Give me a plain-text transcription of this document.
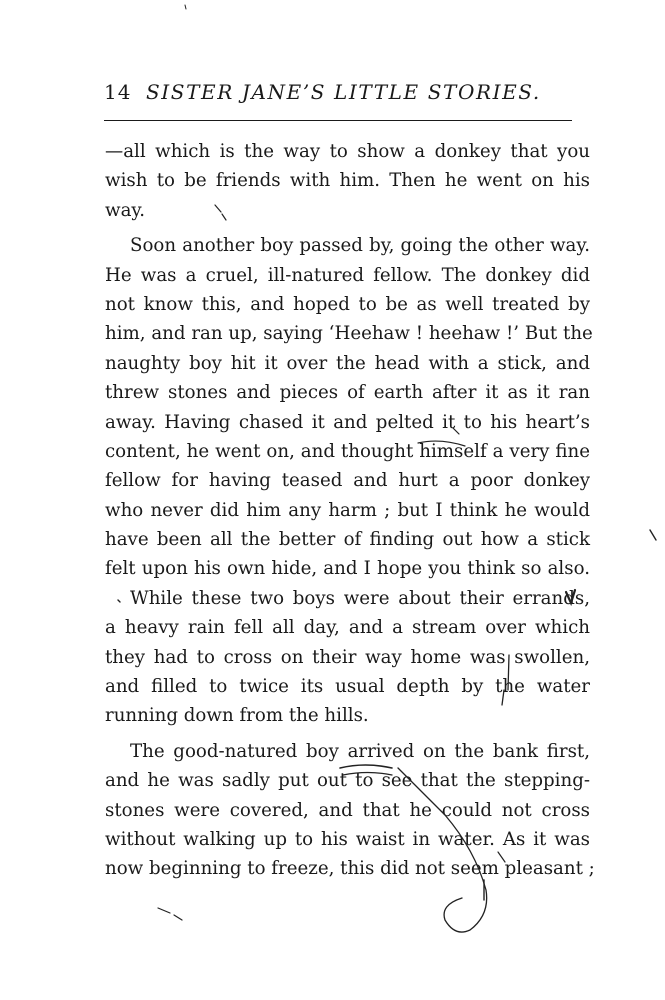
14 SISTER JANE’S LITTLE STORIES.
—all which is the way to show a donkey that you
wish to be friends with him. Then he went on his
way.
Soon another boy passed by, going the other way.
He was a cruel, ill-natured fellow. The donkey did
not know this, and hoped to be as well treated by
him, and ran up, saying ‘Heehaw ! heehaw !’ But the
naughty boy hit it over the head with a stick, and
threw stones and pieces of earth after it as it ran
away. Having chased it and pelted it to his heart’s
content, he went on, and thought himself a very fine
fellow for having teased and hurt a poor donkey
who never did him any harm ; but I think he would
have been all the better of finding out how a stick
felt upon his own hide, and I hope you think so also.
While these two boys were about their errands,
a heavy rain fell all day, and a stream over which
they had to cross on their way home was swollen,
and filled to twice its usual depth by the water
running down from the hills.
The good-natured boy arrived on the bank first,
and he was sadly put out to see that the stepping-
stones were covered, and that he could not cross
without walking up to his waist in water. As it was
now beginning to freeze, this did not seem pleasant ;
